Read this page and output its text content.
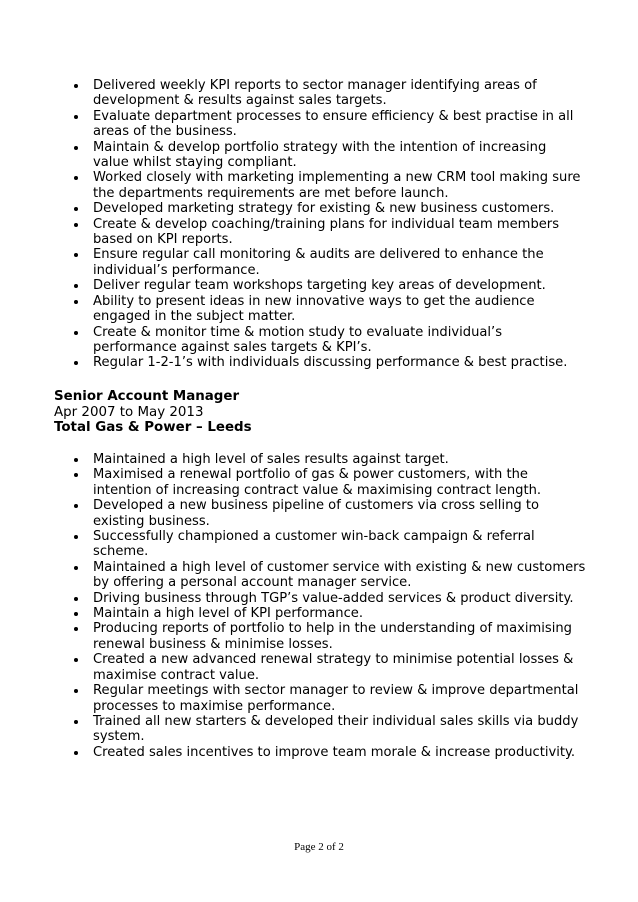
Delivered weekly KPI reports to sector manager identifying areas of development & results against sales targets.
Evaluate department processes to ensure efficiency & best practise in all areas of the business.
Maintain & develop portfolio strategy with the intention of increasing value whilst staying compliant.
Worked closely with marketing implementing a new CRM tool making sure the departments requirements are met before launch.
Developed marketing strategy for existing & new business customers.
Create & develop coaching/training plans for individual team members based on KPI reports.
Ensure regular call monitoring & audits are delivered to enhance the individual’s performance.
Deliver regular team workshops targeting key areas of development.
Ability to present ideas in new innovative ways to get the audience engaged in the subject matter.
Create & monitor time & motion study to evaluate individual’s performance against sales targets & KPI’s.
Regular 1-2-1’s with individuals discussing performance & best practise.
Senior Account Manager
Apr 2007 to May 2013
Total Gas & Power – Leeds
Maintained a high level of sales results against target.
Maximised a renewal portfolio of gas & power customers, with the intention of increasing contract value & maximising contract length.
Developed a new business pipeline of customers via cross selling to existing business.
Successfully championed a customer win-back campaign & referral scheme.
Maintained a high level of customer service with existing & new customers by offering a personal account manager service.
Driving business through TGP’s value-added services & product diversity.
Maintain a high level of KPI performance.
Producing reports of portfolio to help in the understanding of maximising renewal business & minimise losses.
Created a new advanced renewal strategy to minimise potential losses & maximise contract value.
Regular meetings with sector manager to review & improve departmental processes to maximise performance.
Trained all new starters & developed their individual sales skills via buddy system.
Created sales incentives to improve team morale & increase productivity.
Page 2 of 2
